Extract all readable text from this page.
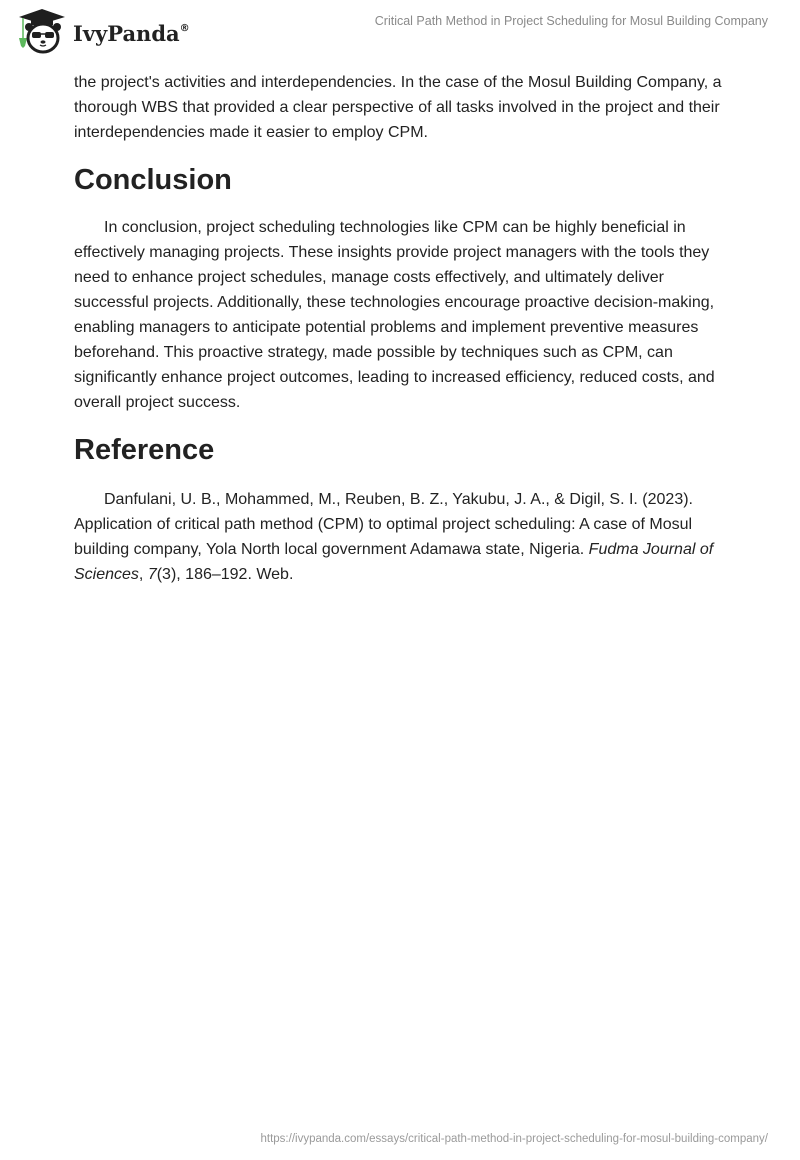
IvyPanda®	Critical Path Method in Project Scheduling for Mosul Building Company

the project's activities and interdependencies. In the case of the Mosul Building Company, a thorough WBS that provided a clear perspective of all tasks involved in the project and their interdependencies made it easier to employ CPM.

Conclusion

In conclusion, project scheduling technologies like CPM can be highly beneficial in effectively managing projects. These insights provide project managers with the tools they need to enhance project schedules, manage costs effectively, and ultimately deliver successful projects. Additionally, these technologies encourage proactive decision-making, enabling managers to anticipate potential problems and implement preventive measures beforehand. This proactive strategy, made possible by techniques such as CPM, can significantly enhance project outcomes, leading to increased efficiency, reduced costs, and overall project success.

Reference

Danfulani, U. B., Mohammed, M., Reuben, B. Z., Yakubu, J. A., & Digil, S. I. (2023). Application of critical path method (CPM) to optimal project scheduling: A case of Mosul building company, Yola North local government Adamawa state, Nigeria. Fudma Journal of Sciences, 7(3), 186–192. Web.

https://ivypanda.com/essays/critical-path-method-in-project-scheduling-for-mosul-building-company/
